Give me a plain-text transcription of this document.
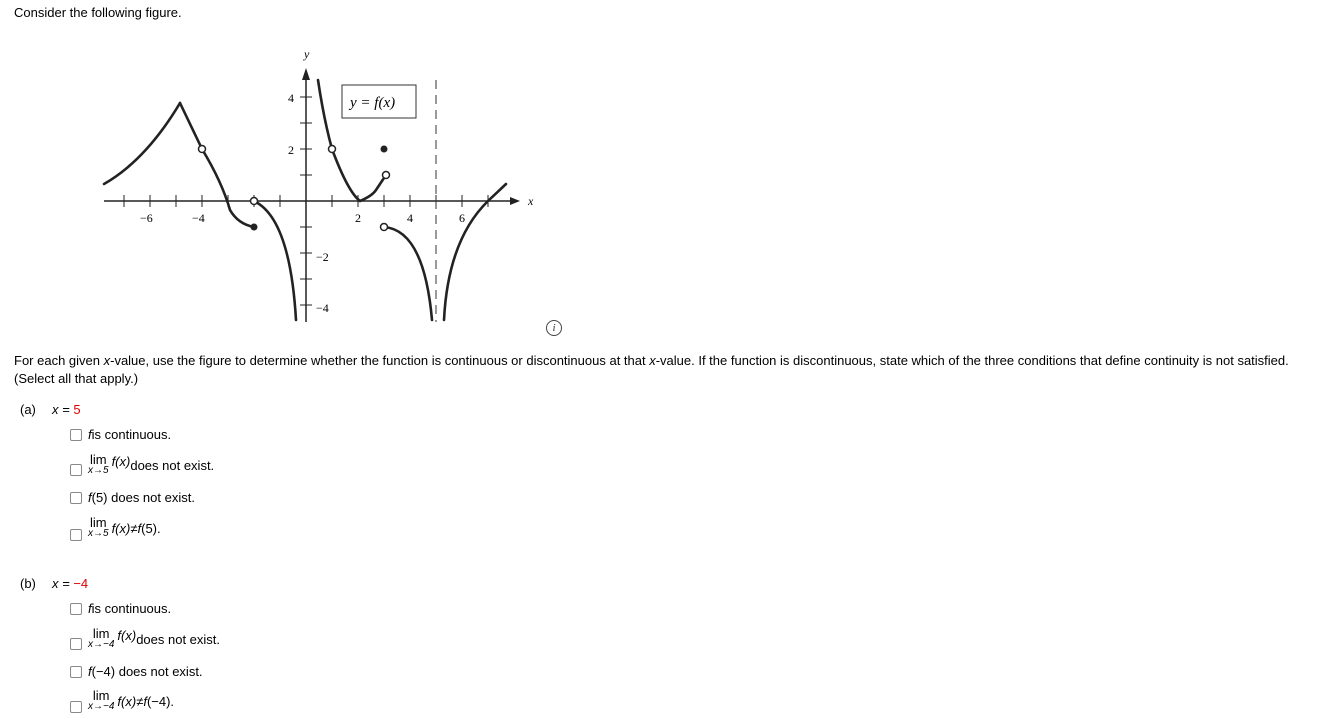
Consider the following figure.
x
y
−6	−4	2	4	6
4
2
−2
−4
y = f(x)
i
For each given x-value, use the figure to determine whether the function is continuous or discontinuous at that x-value. If the function is discontinuous, state which of the three conditions that define continuity is not satisfied. (Select all that apply.)
(a) x = 5
f is continuous.
lim
x→5
f(x) does not exist.
f (5) does not exist.
lim
x→5 f(x) ≠ f (5).
(b) x = −4
f is continuous.
lim
x→−4
f(x) does not exist.
f (−4) does not exist.
lim
x→−4 f(x) ≠ f (−4).
